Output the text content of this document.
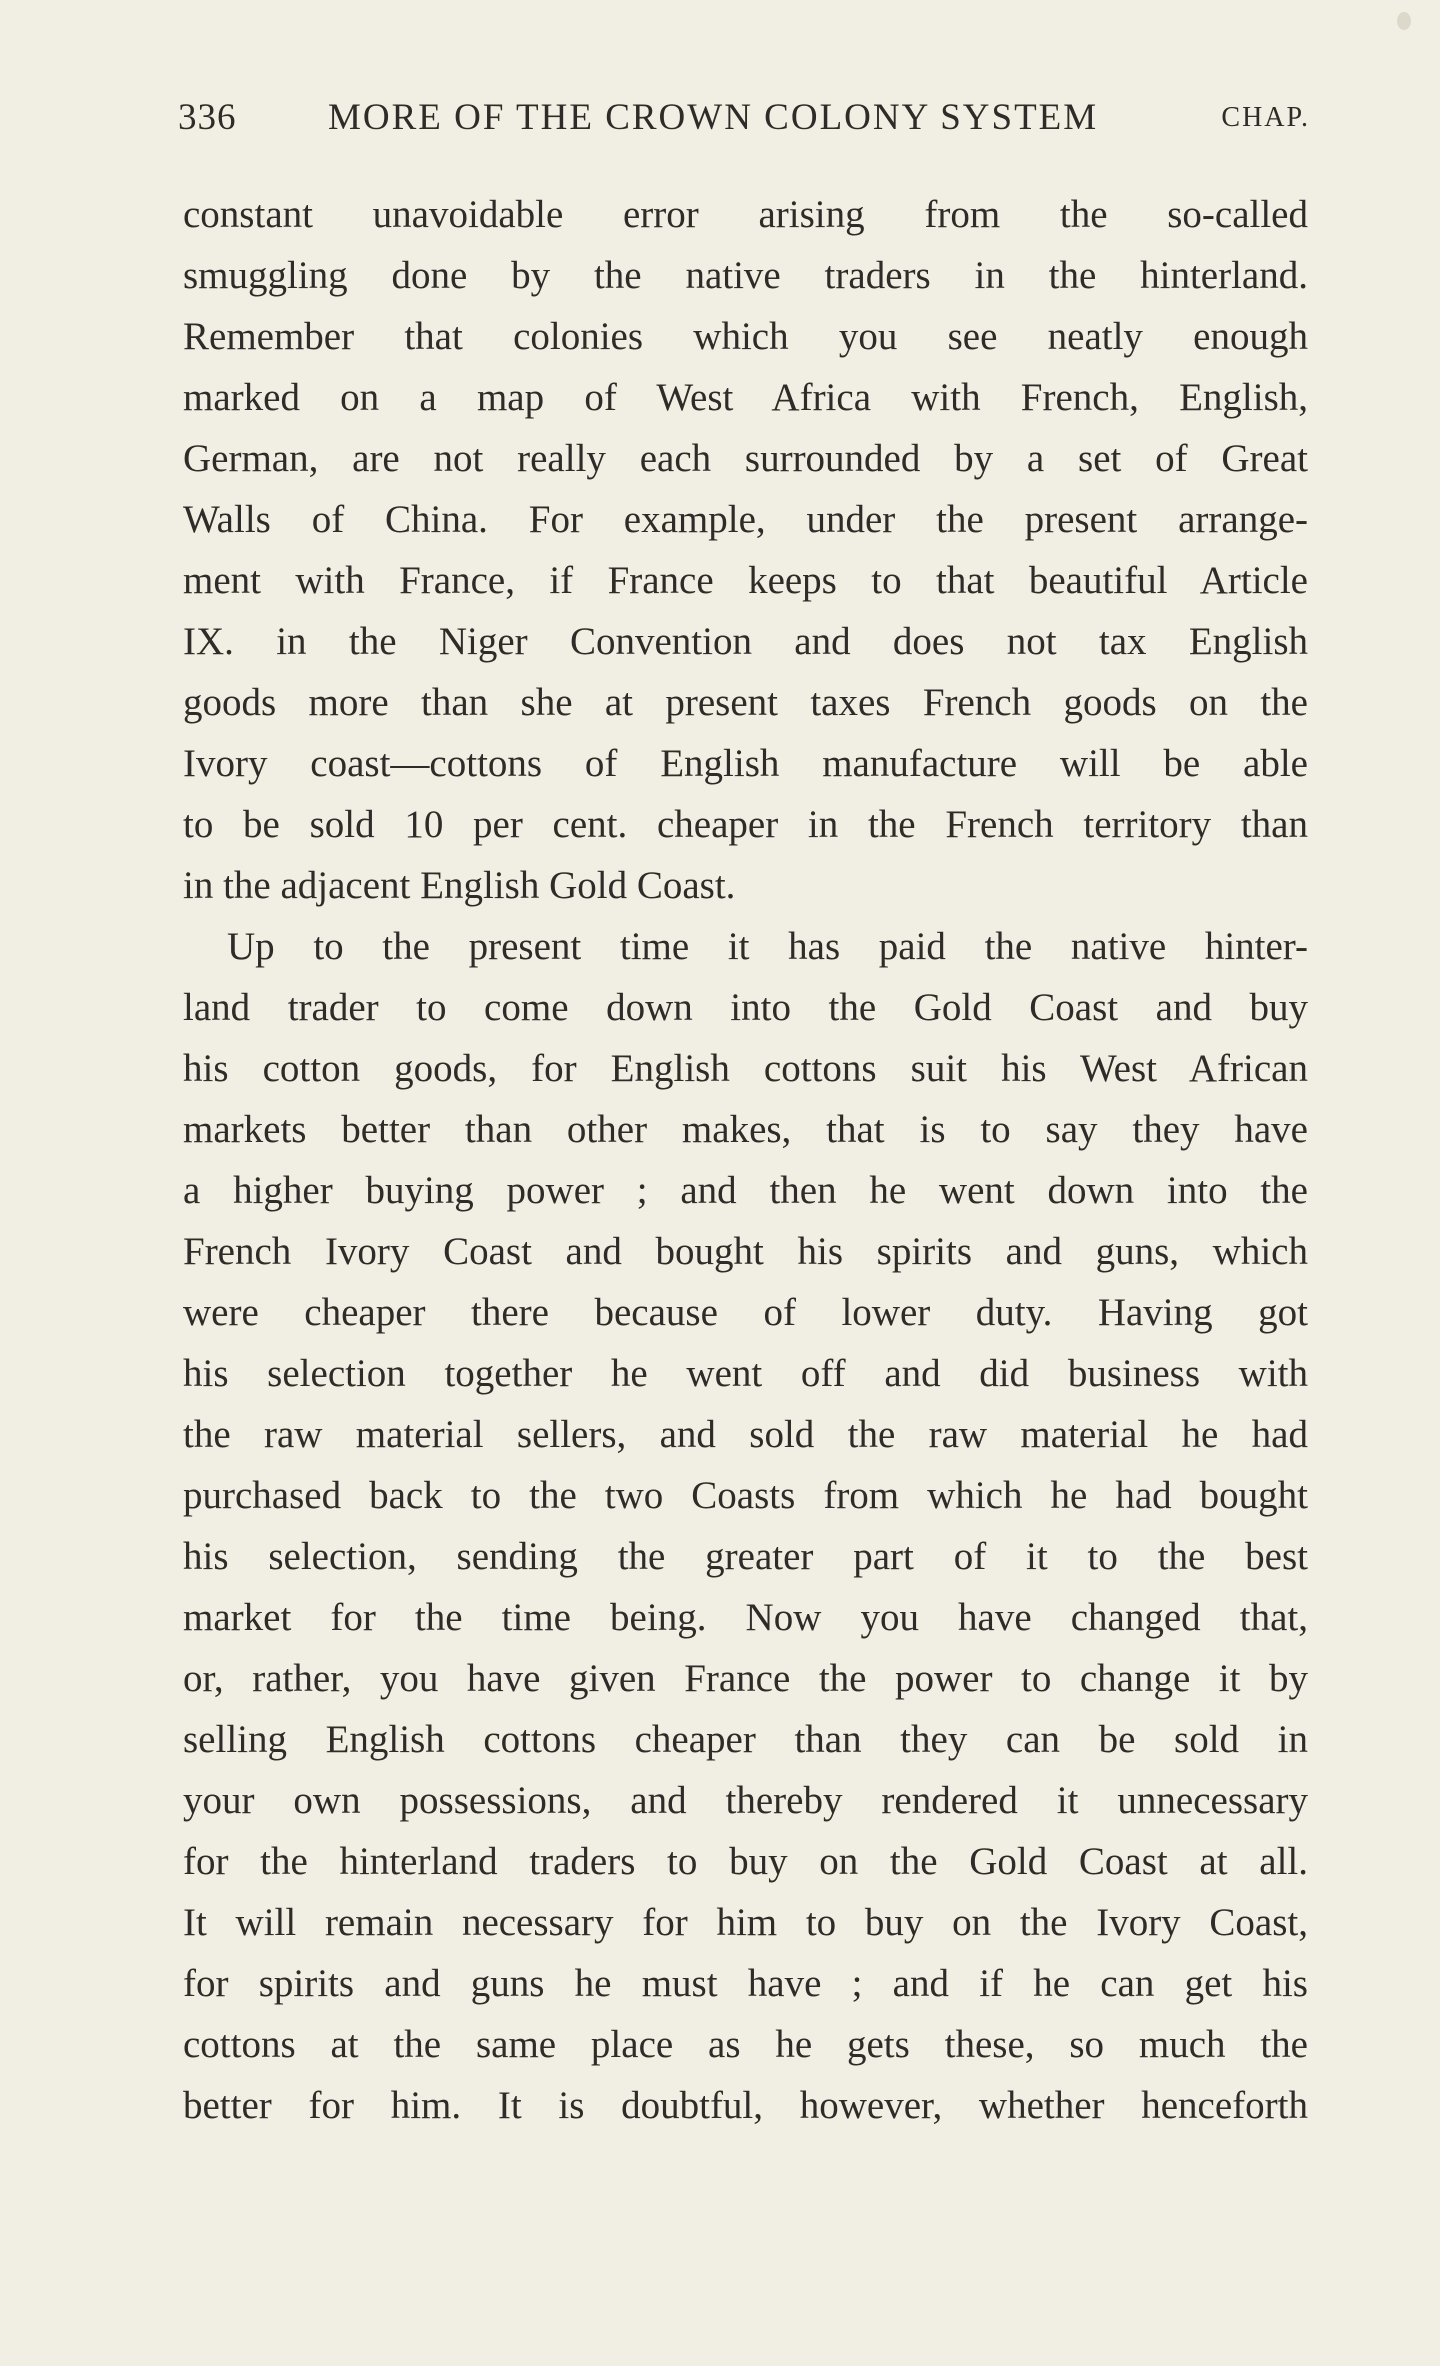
336 MORE OF THE CROWN COLONY SYSTEM	CHAP.
constant unavoidable error arising from the so-called
smuggling done by the native traders in the hinterland.
Remember that colonies which you see neatly enough
marked on a map of West Africa with French, English,
German, are not really each surrounded by a set of Great
Walls of China. For example, under the present arrange-
ment with France, if France keeps to that beautiful Article
IX. in the Niger Convention and does not tax English
goods more than she at present taxes French goods on the
Ivory coast—cottons of English manufacture will be able
to be sold 10 per cent. cheaper in the French territory than
in the adjacent English Gold Coast.
Up to the present time it has paid the native hinter-
land trader to come down into the Gold Coast and buy
his cotton goods, for English cottons suit his West African
markets better than other makes, that is to say they have
a higher buying power ; and then he went down into the
French Ivory Coast and bought his spirits and guns, which
were cheaper there because of lower duty. Having got
his selection together he went off and did business with
the raw material sellers, and sold the raw material he had
purchased back to the two Coasts from which he had bought
his selection, sending the greater part of it to the best
market for the time being. Now you have changed that,
or, rather, you have given France the power to change it by
selling English cottons cheaper than they can be sold in
your own possessions, and thereby rendered it unnecessary
for the hinterland traders to buy on the Gold Coast at all.
It will remain necessary for him to buy on the Ivory Coast,
for spirits and guns he must have ; and if he can get his
cottons at the same place as he gets these, so much the
better for him. It is doubtful, however, whether henceforth
